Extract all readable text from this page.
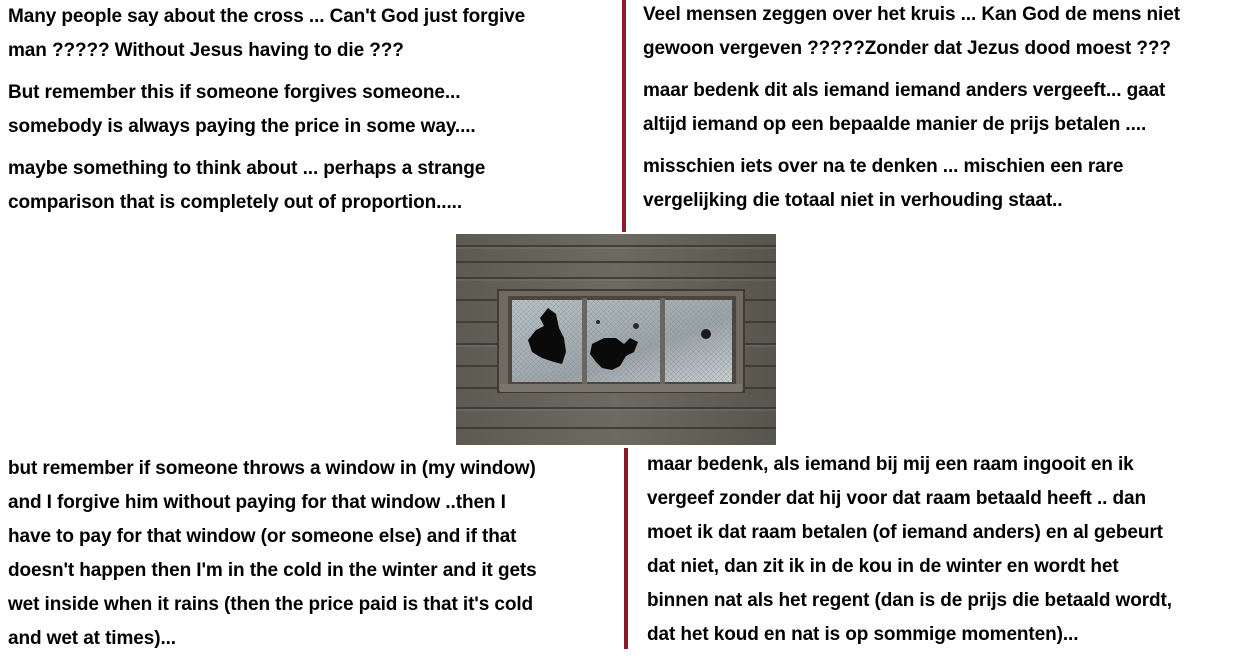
Many people say about the cross ... Can't God just forgive

man ????? Without Jesus having to die ???

But remember this if someone forgives someone...

somebody is always paying the price in some way....

maybe something to think about ... perhaps a strange

comparison that is completely out of proportion.....

Veel mensen zeggen over het kruis ... Kan God de mens niet

gewoon vergeven ?????Zonder dat Jezus dood moest ???

maar bedenk dit als iemand iemand anders vergeeft... gaat

altijd iemand op een bepaalde manier de prijs betalen ....

misschien iets over na te denken ... mischien een rare

vergelijking die totaal niet in verhouding staat..

but remember if someone throws a window in (my window)

and I forgive him without paying for that window ..then I

have to pay for that window (or someone else) and if that

doesn't happen then I'm in the cold in the winter and it gets

wet inside when it rains (then the price paid is that it's cold

and wet at times)...

maar bedenk, als iemand bij mij een raam ingooit en ik

vergeef zonder dat hij voor dat raam betaald heeft .. dan

moet ik dat raam betalen (of iemand anders) en al gebeurt

dat niet, dan zit ik in de kou in de winter en wordt het

binnen nat als het regent (dan is de prijs die betaald wordt,

dat het koud en nat is op sommige momenten)...
